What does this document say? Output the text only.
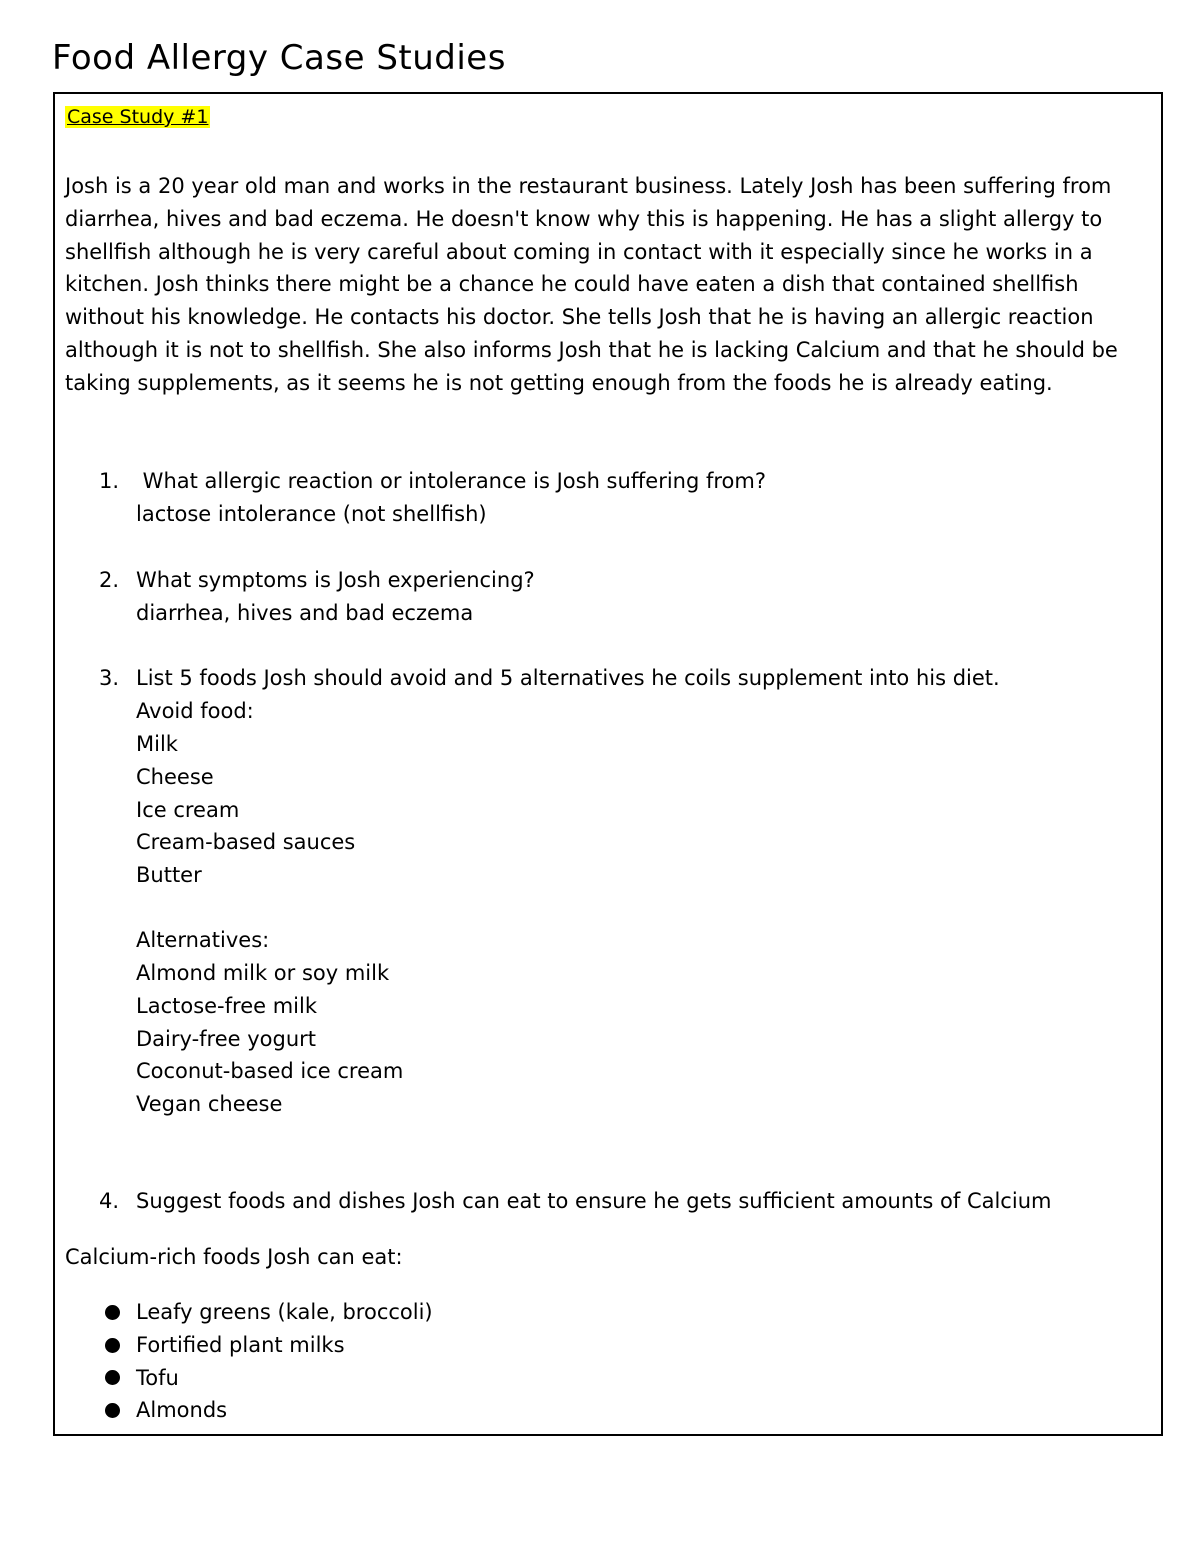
Food Allergy Case Studies
Case Study #1

Josh is a 20 year old man and works in the restaurant business. Lately Josh has been suffering from diarrhea, hives and bad eczema. He doesn't know why this is happening. He has a slight allergy to shellfish although he is very careful about coming in contact with it especially since he works in a kitchen. Josh thinks there might be a chance he could have eaten a dish that contained shellfish without his knowledge. He contacts his doctor. She tells Josh that he is having an allergic reaction although it is not to shellfish. She also informs Josh that he is lacking Calcium and that he should be taking supplements, as it seems he is not getting enough from the foods he is already eating.

1. What allergic reaction or intolerance is Josh suffering from?
lactose intolerance (not shellfish)
2. What symptoms is Josh experiencing?
diarrhea, hives and bad eczema
3. List 5 foods Josh should avoid and 5 alternatives he coils supplement into his diet.
Avoid food:
Milk
Cheese
Ice cream
Cream-based sauces
Butter
Alternatives:
Almond milk or soy milk
Lactose-free milk
Dairy-free yogurt
Coconut-based ice cream
Vegan cheese
4. Suggest foods and dishes Josh can eat to ensure he gets sufficient amounts of Calcium
Calcium-rich foods Josh can eat:
Leafy greens (kale, broccoli)
Fortified plant milks
Tofu
Almonds
